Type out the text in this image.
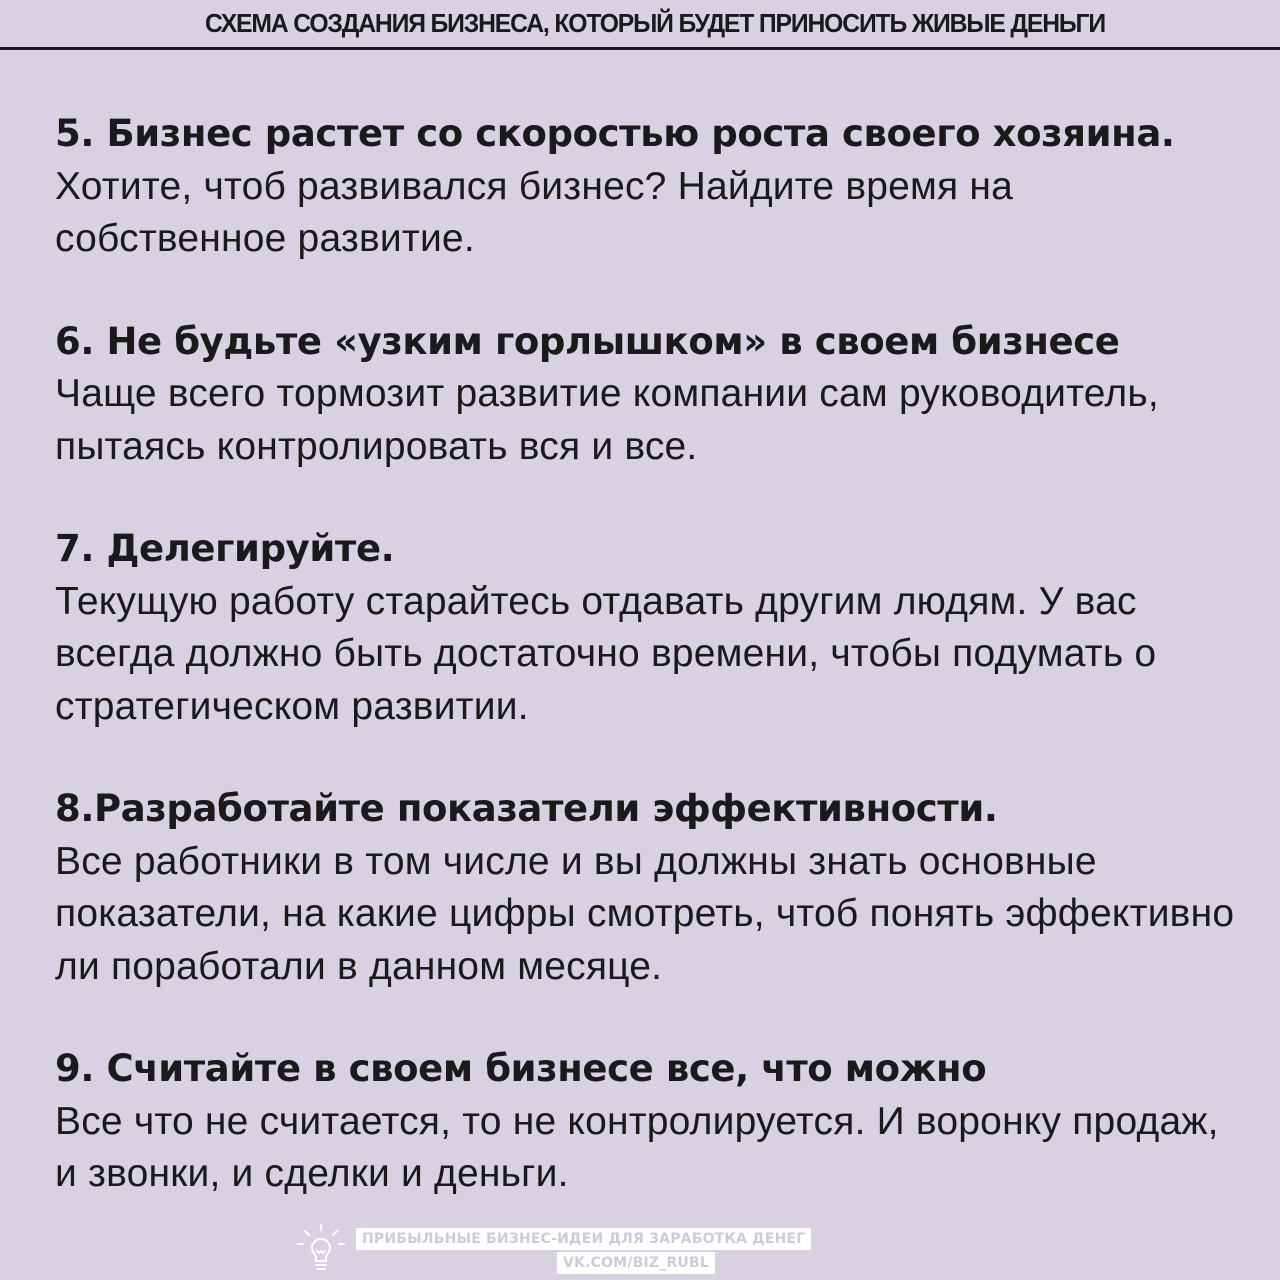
СХЕМА СОЗДАНИЯ БИЗНЕСА, КОТОРЫЙ БУДЕТ ПРИНОСИТЬ ЖИВЫЕ ДЕНЬГИ
5. Бизнес растет со скоростью роста своего хозяина. Хотите, чтоб развивался бизнес? Найдите время на собственное развитие.
6. Не будьте «узким горлышком» в своем бизнесе
Чаще всего тормозит развитие компании сам руководитель, пытаясь контролировать вся и все.
7. Делегируйте.
Текущую работу старайтесь отдавать другим людям. У вас всегда должно быть достаточно времени, чтобы подумать о стратегическом развитии.
8.Разработайте показатели эффективности.
Все работники в том числе и вы должны знать основные показатели, на какие цифры смотреть, чтоб понять эффективно ли поработали в данном месяце.
9. Считайте в своем бизнесе все, что можно
Все что не считается, то не контролируется. И воронку продаж, и звонки, и сделки и деньги.
ПРИБЫЛЬНЫЕ БИЗНЕС-ИДЕИ ДЛЯ ЗАРАБОТКА ДЕНЕГ
VK.COM/BIZ_RUBL
